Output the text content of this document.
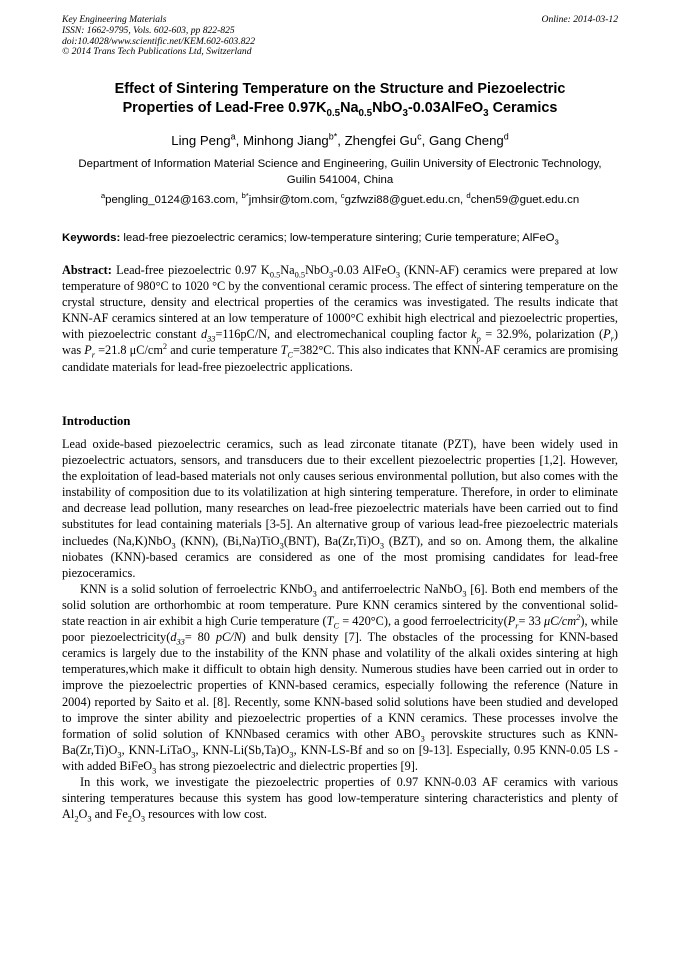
Key Engineering Materials
ISSN: 1662-9795, Vols. 602-603, pp 822-825
doi:10.4028/www.scientific.net/KEM.602-603.822
© 2014 Trans Tech Publications Ltd, Switzerland
Online: 2014-03-12
Effect of Sintering Temperature on the Structure and Piezoelectric
Properties of Lead-Free $0.97K_{0.5}Na_{0.5}NbO_3-0.03AlFeO_3$ Ceramics
Ling Peng$^a$, Minhong Jiang$^{b*}$, Zhengfei Gu$^c$, Gang Cheng$^d$
Department of Information Material Science and Engineering, Guilin University of Electronic Technology, Guilin 541004, China
$^a$pengling_0124@163.com, $^{b*}$jmhsir@tom.com, $^c$gzfwzi88@guet.edu.cn, $^d$chen59@guet.edu.cn
Keywords: lead-free piezoelectric ceramics; low-temperature sintering; Curie temperature; AlFeO$_3$
Abstract: Lead-free piezoelectric 0.97 $K_{0.5}Na_{0.5}NbO_3-0.03$ AlFeO$_3$ (KNN-AF) ceramics were prepared at low temperature of 980°C to 1020 °C by the conventional ceramic process. The effect of sintering temperature on the crystal structure, density and electrical properties of the ceramics was investigated. The results indicate that KNN-AF ceramics sintered at an low temperature of 1000°C exhibit high electrical and piezoelectric properties, with piezoelectric constant $d_{33}=116pC/N$, and electromechanical coupling factor $k_p = 32.9\%$, polarization $(P_r)$ was $P_r =21.8$ $\mu C/cm^2$ and curie temperature $T_C=382^\circ C$. This also indicates that KNN-AF ceramics are promising candidate materials for lead-free piezoelectric applications.
Introduction

Lead oxide-based piezoelectric ceramics, such as lead zirconate titanate (PZT), have been widely used in piezoelectric actuators, sensors, and transducers due to their excellent piezoelectric properties [1,2]. However, the exploitation of lead-based materials not only causes serious environmental pollution, but also comes with the instability of composition due to its volatilization at high sintering temperature. Therefore, in order to eliminate and decrease lead pollution, many researches on lead-free piezoelectric materials have been carried out to find substitutes for lead containing materials [3-5]. An alternative group of various lead-free piezoelectric materials incluedes (Na,K)NbO$_3$ (KNN), (Bi,Na)TiO$_3$(BNT), $Ba(Zr,Ti)O_3$ (BZT), and so on. Among them, the alkaline niobates (KNN)-based ceramics are considered as one of the most promising candidates for lead-free piezoceramics.

KNN is a solid solution of ferroelectric KNbO$_3$ and antiferroelectric NaNbO$_3$ [6]. Both end members of the solid solution are orthorhombic at room temperature. Pure KNN ceramics sintered by the conventional solid-state reaction in air exhibit a high Curie temperature $(T_C = 420^\circ C)$, a good $ferroelectricity(P_r= 33$ $\mu C/cm^2$), while poor $piezoelectricity(d_{33}= 80$ pC/N) and bulk density [7]. The obstacles of the processing for KNN-based ceramics is largely due to the instability of the KNN phase and volatility of the alkali oxides sintering at high temperatures,which make it difficult to obtain high density. Numerous studies have been carried out in order to improve the piezoelectric properties of KNN-based ceramics, especially following the reference (Nature in 2004) reported by Saito et al. [8]. Recently, some KNN-based solid solutions have been studied and developed to improve the sinter ability and piezoelectric properties of a KNN ceramics. These processes involve the formation of solid solution of KNNbased ceramics with other $ABO_3$ perovskite structures such as KNN-$Ba(Zr,Ti)O_3$, KNN-LiTaO$_3$, KNN-$Li(Sb,Ta)O_3$, KNN-LS-Bf and so on [9-13]. Especially, 0.95 KNN-0.05 LS -with added BiFeO$_3$ has strong piezoelectric and dielectric properties [9].

In this work, we investigate the piezoelectric properties of 0.97 KNN-0.03 AF ceramics with various sintering temperatures because this system has good low-temperature sintering characteristics and plenty of $Al_2O_3$ and $Fe_2O_3$ resources with low cost.
